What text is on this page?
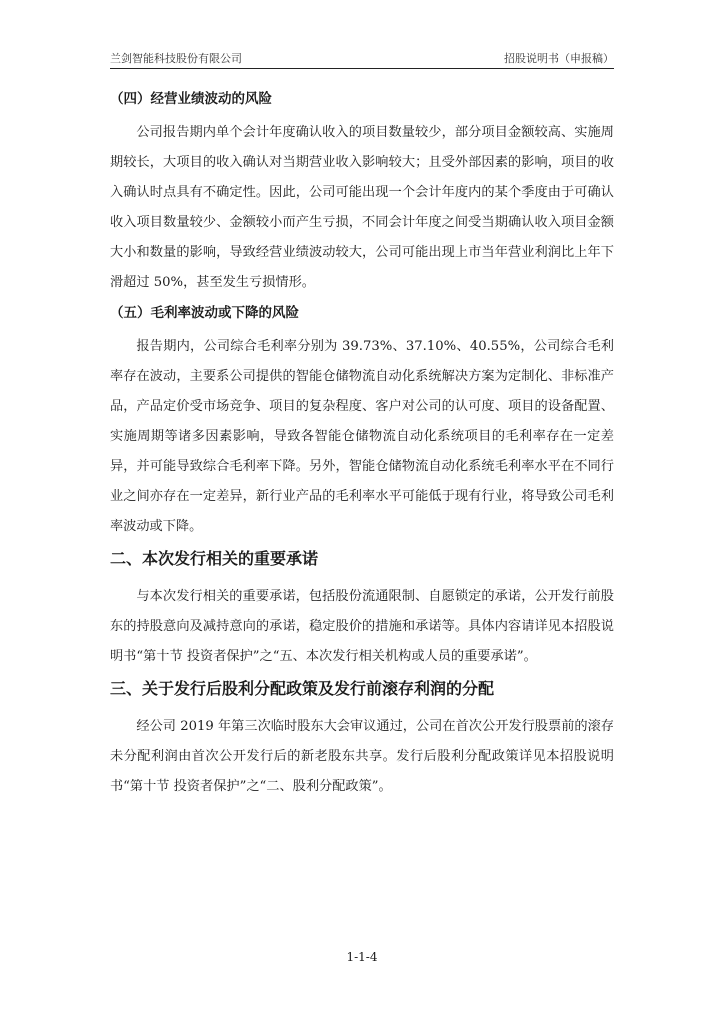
兰剑智能科技股份有限公司	招股说明书（申报稿）
（四）经营业绩波动的风险

公司报告期内单个会计年度确认收入的项目数量较少，部分项目金额较高、实施周期较长，大项目的收入确认对当期营业收入影响较大；且受外部因素的影响，项目的收入确认时点具有不确定性。因此，公司可能出现一个会计年度内的某个季度由于可确认收入项目数量较少、金额较小而产生亏损，不同会计年度之间受当期确认收入项目金额大小和数量的影响，导致经营业绩波动较大，公司可能出现上市当年营业利润比上年下滑超过 50%，甚至发生亏损情形。

（五）毛利率波动或下降的风险

报告期内，公司综合毛利率分别为 39.73%、37.10%、40.55%，公司综合毛利率存在波动，主要系公司提供的智能仓储物流自动化系统解决方案为定制化、非标准产品，产品定价受市场竞争、项目的复杂程度、客户对公司的认可度、项目的设备配置、实施周期等诸多因素影响，导致各智能仓储物流自动化系统项目的毛利率存在一定差异，并可能导致综合毛利率下降。另外，智能仓储物流自动化系统毛利率水平在不同行业之间亦存在一定差异，新行业产品的毛利率水平可能低于现有行业，将导致公司毛利率波动或下降。

二、本次发行相关的重要承诺

与本次发行相关的重要承诺，包括股份流通限制、自愿锁定的承诺，公开发行前股东的持股意向及减持意向的承诺，稳定股价的措施和承诺等。具体内容请详见本招股说明书“第十节 投资者保护”之“五、本次发行相关机构或人员的重要承诺”。

三、关于发行后股利分配政策及发行前滚存利润的分配

经公司 2019 年第三次临时股东大会审议通过，公司在首次公开发行股票前的滚存未分配利润由首次公开发行后的新老股东共享。发行后股利分配政策详见本招股说明书“第十节 投资者保护”之“二、股利分配政策”。

1-1-4
